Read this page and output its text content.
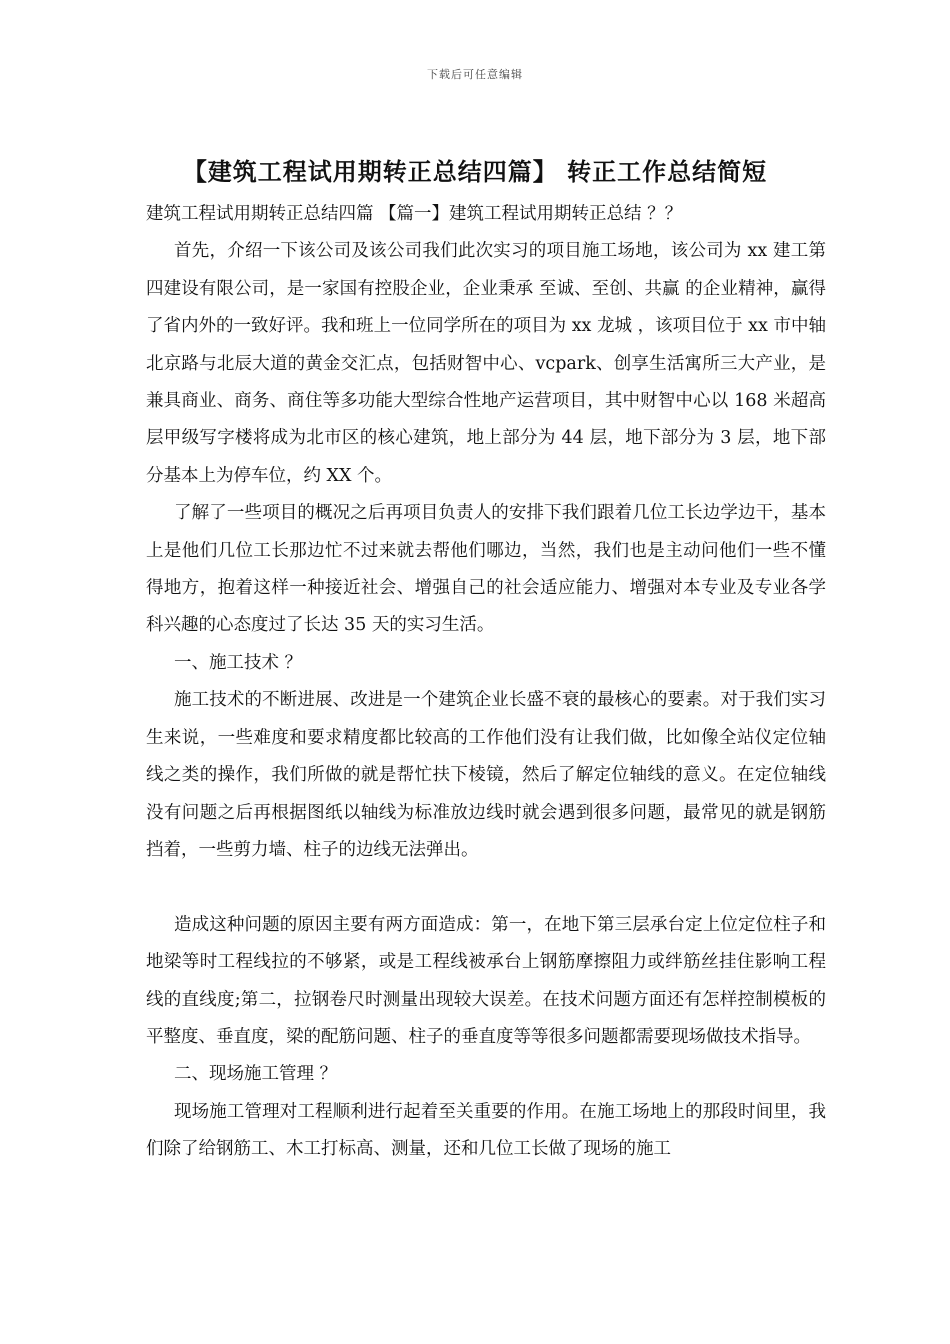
下载后可任意编辑
【建筑工程试用期转正总结四篇】 转正工作总结简短

建筑工程试用期转正总结四篇 【篇一】建筑工程试用期转正总结 ？？

首先，介绍一下该公司及该公司我们此次实习的项目施工场地，该公司为 xx 建工第四建设有限公司，是一家国有控股企业，企业秉承 至诚、至创、共赢 的企业精神，赢得了省内外的一致好评。我和班上一位同学所在的项目为 xx 龙城 ，该项目位于 xx 市中轴北京路与北辰大道的黄金交汇点，包括财智中心、vcpark、创享生活寓所三大产业，是兼具商业、商务、商住等多功能大型综合性地产运营项目，其中财智中心以 168 米超高层甲级写字楼将成为北市区的核心建筑，地上部分为 44 层，地下部分为 3 层，地下部分基本上为停车位，约 XX 个。

了解了一些项目的概况之后再项目负责人的安排下我们跟着几位工长边学边干，基本上是他们几位工长那边忙不过来就去帮他们哪边，当然，我们也是主动问他们一些不懂得地方，抱着这样一种接近社会、增强自己的社会适应能力、增强对本专业及专业各学科兴趣的心态度过了长达 35 天的实习生活。

一、施工技术 ？

施工技术的不断进展、改进是一个建筑企业长盛不衰的最核心的要素。对于我们实习生来说，一些难度和要求精度都比较高的工作他们没有让我们做，比如像全站仪定位轴线之类的操作，我们所做的就是帮忙扶下棱镜，然后了解定位轴线的意义。在定位轴线没有问题之后再根据图纸以轴线为标准放边线时就会遇到很多问题，最常见的就是钢筋挡着，一些剪力墙、柱子的边线无法弹出。

造成这种问题的原因主要有两方面造成：第一，在地下第三层承台定上位定位柱子和地梁等时工程线拉的不够紧，或是工程线被承台上钢筋摩擦阻力或绊筋丝挂住影响工程线的直线度;第二，拉钢卷尺时测量出现较大误差。在技术问题方面还有怎样控制模板的平整度、垂直度，梁的配筋问题、柱子的垂直度等等很多问题都需要现场做技术指导。

二、现场施工管理 ？

现场施工管理对工程顺利进行起着至关重要的作用。在施工场地上的那段时间里，我们除了给钢筋工、木工打标高、测量，还和几位工长做了现场的施工
